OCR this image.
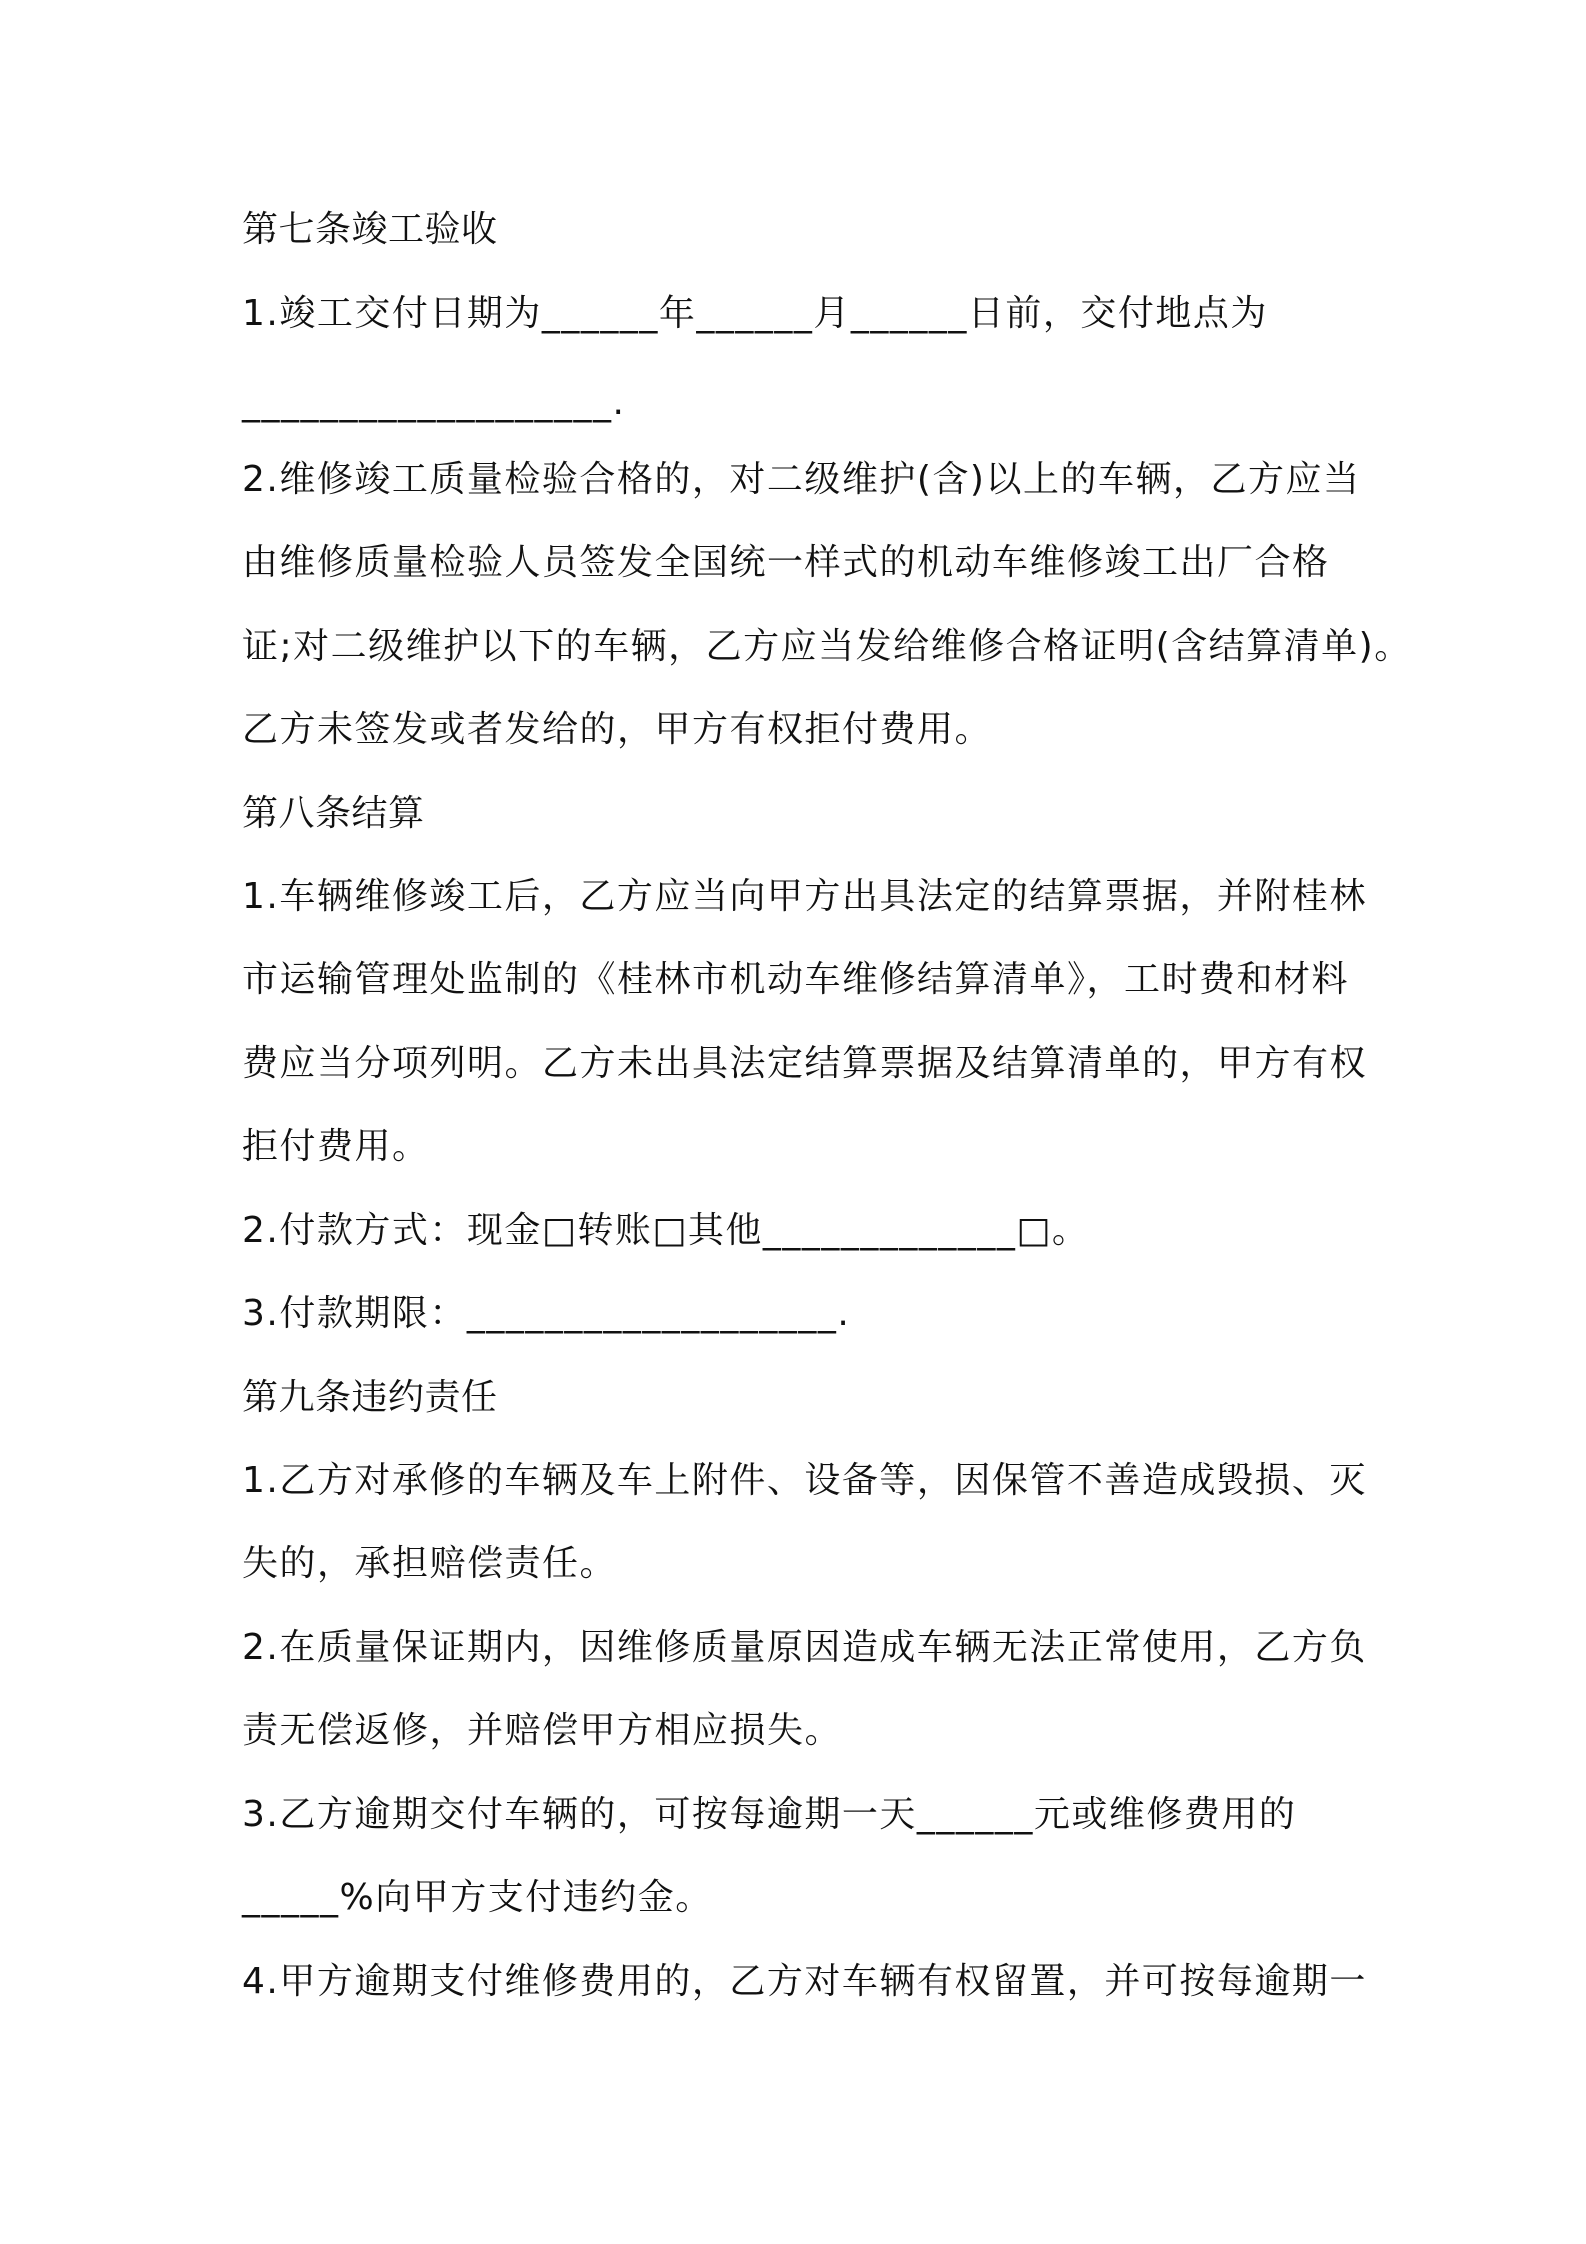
第七条竣工验收
1.竣工交付日期为______年______月______日前，交付地点为
___________________.
2.维修竣工质量检验合格的，对二级维护(含)以上的车辆，乙方应当
由维修质量检验人员签发全国统一样式的机动车维修竣工出厂合格
证;对二级维护以下的车辆，乙方应当发给维修合格证明(含结算清单)。
乙方未签发或者发给的，甲方有权拒付费用。
第八条结算
1.车辆维修竣工后，乙方应当向甲方出具法定的结算票据，并附桂林
市运输管理处监制的《桂林市机动车维修结算清单》，工时费和材料
费应当分项列明。乙方未出具法定结算票据及结算清单的，甲方有权
拒付费用。
2.付款方式：现金□转账□其他_____________□。
3.付款期限：___________________.
第九条违约责任
1.乙方对承修的车辆及车上附件、设备等，因保管不善造成毁损、灭
失的，承担赔偿责任。
2.在质量保证期内，因维修质量原因造成车辆无法正常使用，乙方负
责无偿返修，并赔偿甲方相应损失。
3.乙方逾期交付车辆的，可按每逾期一天______元或维修费用的
_____%向甲方支付违约金。
4.甲方逾期支付维修费用的，乙方对车辆有权留置，并可按每逾期一
